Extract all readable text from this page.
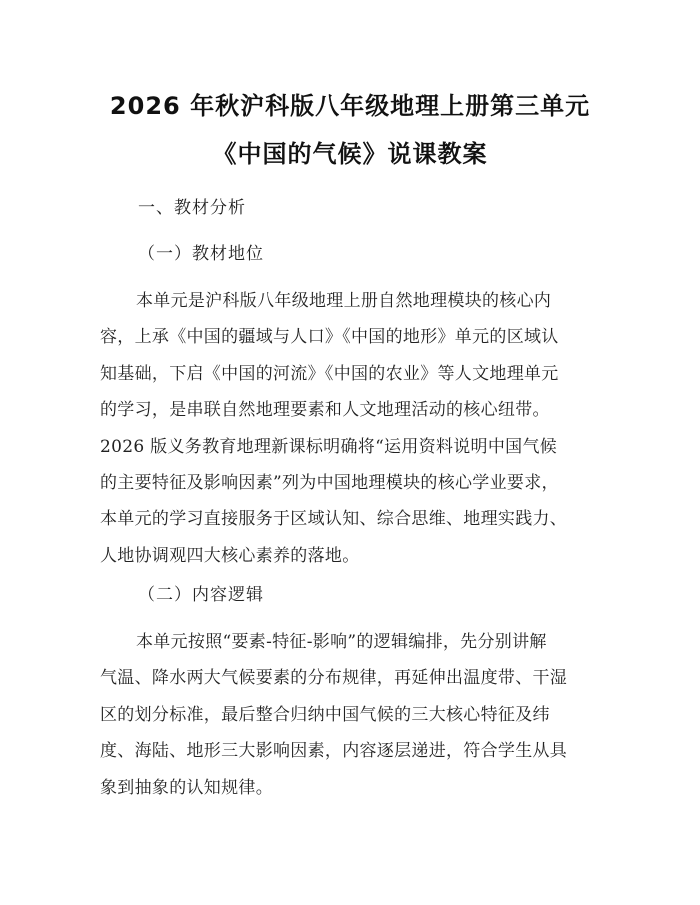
2026 年秋沪科版八年级地理上册第三单元
《中国的气候》说课教案

一、教材分析

（一）教材地位

本单元是沪科版八年级地理上册自然地理模块的核心内
容，上承《中国的疆域与人口》《中国的地形》单元的区域认
知基础，下启《中国的河流》《中国的农业》等人文地理单元
的学习，是串联自然地理要素和人文地理活动的核心纽带。
2026 版义务教育地理新课标明确将“运用资料说明中国气候
的主要特征及影响因素”列为中国地理模块的核心学业要求，
本单元的学习直接服务于区域认知、综合思维、地理实践力、
人地协调观四大核心素养的落地。

（二）内容逻辑

本单元按照“要素-特征-影响”的逻辑编排，先分别讲解
气温、降水两大气候要素的分布规律，再延伸出温度带、干湿
区的划分标准，最后整合归纳中国气候的三大核心特征及纬
度、海陆、地形三大影响因素，内容逐层递进，符合学生从具
象到抽象的认知规律。
